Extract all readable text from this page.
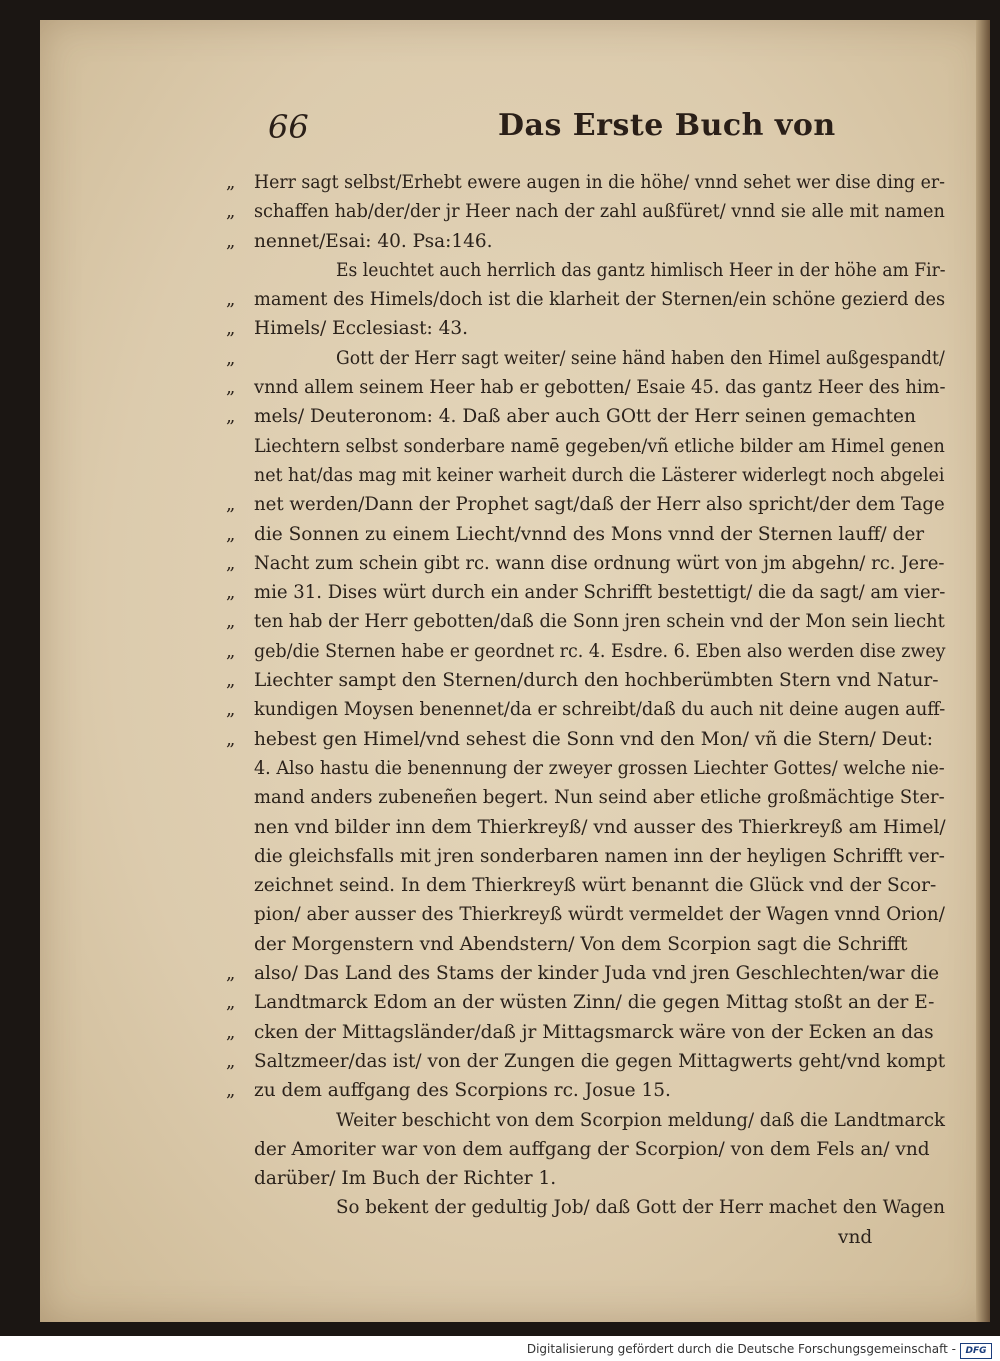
66	Das Erste Buch von
„	Herr sagt selbst/Erhebt ewere augen in die höhe/ vnnd sehet wer dise ding er-
„	schaffen hab/der/der jr Heer nach der zahl außfüret/ vnnd sie alle mit namen
„	nennet/Esai: 40. Psa:146.
Es leuchtet auch herrlich das gantz himlisch Heer in der höhe am Fir-
„	mament des Himels/doch ist die klarheit der Sternen/ein schöne gezierd des
„	Himels/ Ecclesiast: 43.
„	Gott der Herr sagt weiter/ seine händ haben den Himel außgespandt/
„	vnnd allem seinem Heer hab er gebotten/ Esaie 45. das gantz Heer des him-
„	mels/ Deuteronom: 4. Daß aber auch GOtt der Herr seinen gemachten
Liechtern selbst sonderbare namē gegeben/vñ etliche bilder am Himel genen
net hat/das mag mit keiner warheit durch die Lästerer widerlegt noch abgelei
„	net werden/Dann der Prophet sagt/daß der Herr also spricht/der dem Tage
„	die Sonnen zu einem Liecht/vnnd des Mons vnnd der Sternen lauff/ der
„	Nacht zum schein gibt rc. wann dise ordnung würt von jm abgehn/ rc. Jere-
„	mie 31. Dises würt durch ein ander Schrifft bestettigt/ die da sagt/ am vier-
„	ten hab der Herr gebotten/daß die Sonn jren schein vnd der Mon sein liecht
„	geb/die Sternen habe er geordnet rc. 4. Esdre. 6. Eben also werden dise zwey
„	Liechter sampt den Sternen/durch den hochberümbten Stern vnd Natur-
„	kundigen Moysen benennet/da er schreibt/daß du auch nit deine augen auff-
„	hebest gen Himel/vnd sehest die Sonn vnd den Mon/ vñ die Stern/ Deut:
4. Also hastu die benennung der zweyer grossen Liechter Gottes/ welche nie-
mand anders zubeneñen begert. Nun seind aber etliche großmächtige Ster-
nen vnd bilder inn dem Thierkreyß/ vnd ausser des Thierkreyß am Himel/
die gleichsfalls mit jren sonderbaren namen inn der heyligen Schrifft ver-
zeichnet seind. In dem Thierkreyß würt benannt die Glück vnd der Scor-
pion/ aber ausser des Thierkreyß würdt vermeldet der Wagen vnnd Orion/
der Morgenstern vnd Abendstern/ Von dem Scorpion sagt die Schrifft
„	also/ Das Land des Stams der kinder Juda vnd jren Geschlechten/war die
„	Landtmarck Edom an der wüsten Zinn/ die gegen Mittag stoßt an der E-
„	cken der Mittagsländer/daß jr Mittagsmarck wäre von der Ecken an das
„	Saltzmeer/das ist/ von der Zungen die gegen Mittagwerts geht/vnd kompt
„	zu dem auffgang des Scorpions rc. Josue 15.
Weiter beschicht von dem Scorpion meldung/ daß die Landtmarck
der Amoriter war von dem auffgang der Scorpion/ von dem Fels an/ vnd
darüber/ Im Buch der Richter 1.
So bekent der gedultig Job/ daß Gott der Herr machet den Wagen
vnd
Digitalisierung gefördert durch die Deutsche Forschungsgemeinschaft -	DFG
